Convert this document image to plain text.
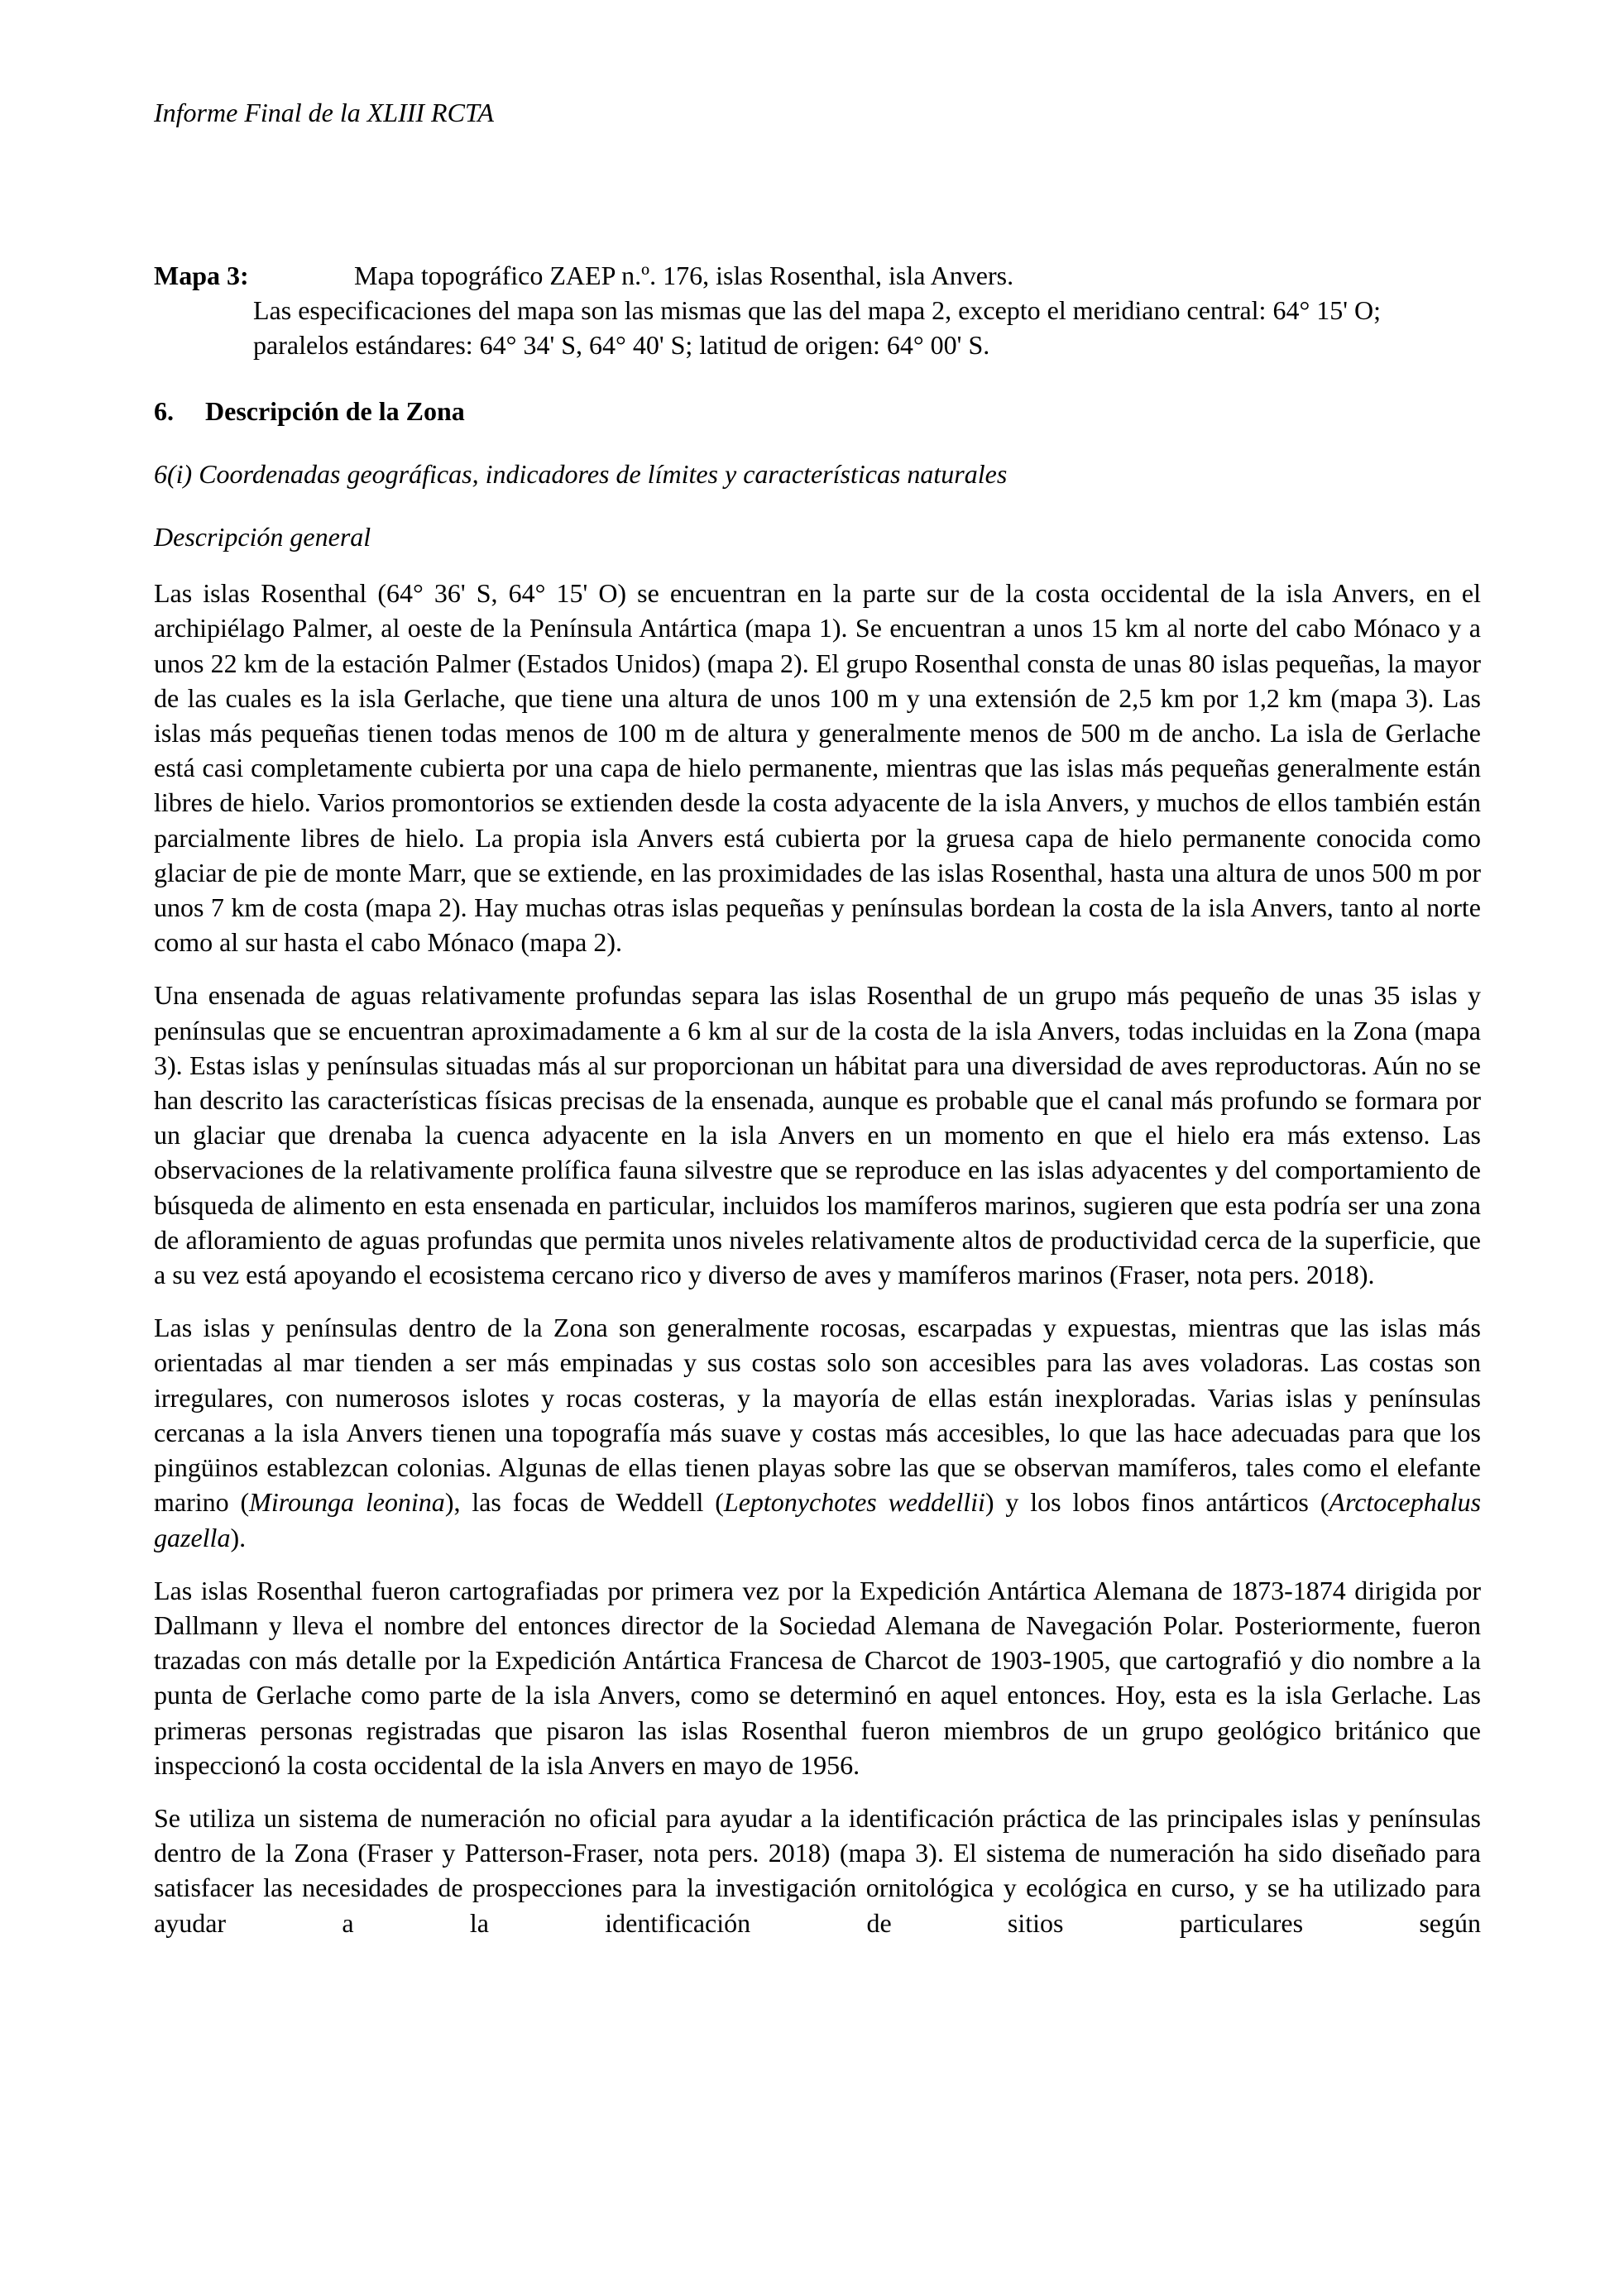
Informe Final de la XLIII RCTA

Mapa 3:	Mapa topográfico ZAEP n.º. 176, islas Rosenthal, isla Anvers.
Las especificaciones del mapa son las mismas que las del mapa 2, excepto el meridiano central: 64° 15' O; paralelos estándares: 64° 34' S, 64° 40' S; latitud de origen: 64° 00' S.

6. Descripción de la Zona

6(i) Coordenadas geográficas, indicadores de límites y características naturales

Descripción general

Las islas Rosenthal (64° 36' S, 64° 15' O) se encuentran en la parte sur de la costa occidental de la isla Anvers, en el archipiélago Palmer, al oeste de la Península Antártica (mapa 1). Se encuentran a unos 15 km al norte del cabo Mónaco y a unos 22 km de la estación Palmer (Estados Unidos) (mapa 2). El grupo Rosenthal consta de unas 80 islas pequeñas, la mayor de las cuales es la isla Gerlache, que tiene una altura de unos 100 m y una extensión de 2,5 km por 1,2 km (mapa 3). Las islas más pequeñas tienen todas menos de 100 m de altura y generalmente menos de 500 m de ancho. La isla de Gerlache está casi completamente cubierta por una capa de hielo permanente, mientras que las islas más pequeñas generalmente están libres de hielo. Varios promontorios se extienden desde la costa adyacente de la isla Anvers, y muchos de ellos también están parcialmente libres de hielo. La propia isla Anvers está cubierta por la gruesa capa de hielo permanente conocida como glaciar de pie de monte Marr, que se extiende, en las proximidades de las islas Rosenthal, hasta una altura de unos 500 m por unos 7 km de costa (mapa 2). Hay muchas otras islas pequeñas y penínsulas bordean la costa de la isla Anvers, tanto al norte como al sur hasta el cabo Mónaco (mapa 2).

Una ensenada de aguas relativamente profundas separa las islas Rosenthal de un grupo más pequeño de unas 35 islas y penínsulas que se encuentran aproximadamente a 6 km al sur de la costa de la isla Anvers, todas incluidas en la Zona (mapa 3). Estas islas y penínsulas situadas más al sur proporcionan un hábitat para una diversidad de aves reproductoras. Aún no se han descrito las características físicas precisas de la ensenada, aunque es probable que el canal más profundo se formara por un glaciar que drenaba la cuenca adyacente en la isla Anvers en un momento en que el hielo era más extenso. Las observaciones de la relativamente prolífica fauna silvestre que se reproduce en las islas adyacentes y del comportamiento de búsqueda de alimento en esta ensenada en particular, incluidos los mamíferos marinos, sugieren que esta podría ser una zona de afloramiento de aguas profundas que permita unos niveles relativamente altos de productividad cerca de la superficie, que a su vez está apoyando el ecosistema cercano rico y diverso de aves y mamíferos marinos (Fraser, nota pers. 2018).

Las islas y penínsulas dentro de la Zona son generalmente rocosas, escarpadas y expuestas, mientras que las islas más orientadas al mar tienden a ser más empinadas y sus costas solo son accesibles para las aves voladoras. Las costas son irregulares, con numerosos islotes y rocas costeras, y la mayoría de ellas están inexploradas. Varias islas y penínsulas cercanas a la isla Anvers tienen una topografía más suave y costas más accesibles, lo que las hace adecuadas para que los pingüinos establezcan colonias. Algunas de ellas tienen playas sobre las que se observan mamíferos, tales como el elefante marino (Mirounga leonina), las focas de Weddell (Leptonychotes weddellii) y los lobos finos antárticos (Arctocephalus gazella).

Las islas Rosenthal fueron cartografiadas por primera vez por la Expedición Antártica Alemana de 1873-1874 dirigida por Dallmann y lleva el nombre del entonces director de la Sociedad Alemana de Navegación Polar. Posteriormente, fueron trazadas con más detalle por la Expedición Antártica Francesa de Charcot de 1903-1905, que cartografió y dio nombre a la punta de Gerlache como parte de la isla Anvers, como se determinó en aquel entonces. Hoy, esta es la isla Gerlache. Las primeras personas registradas que pisaron las islas Rosenthal fueron miembros de un grupo geológico británico que inspeccionó la costa occidental de la isla Anvers en mayo de 1956.

Se utiliza un sistema de numeración no oficial para ayudar a la identificación práctica de las principales islas y penínsulas dentro de la Zona (Fraser y Patterson-Fraser, nota pers. 2018) (mapa 3). El sistema de numeración ha sido diseñado para satisfacer las necesidades de prospecciones para la investigación ornitológica y ecológica en curso, y se ha utilizado para ayudar a la identificación de sitios particulares según
